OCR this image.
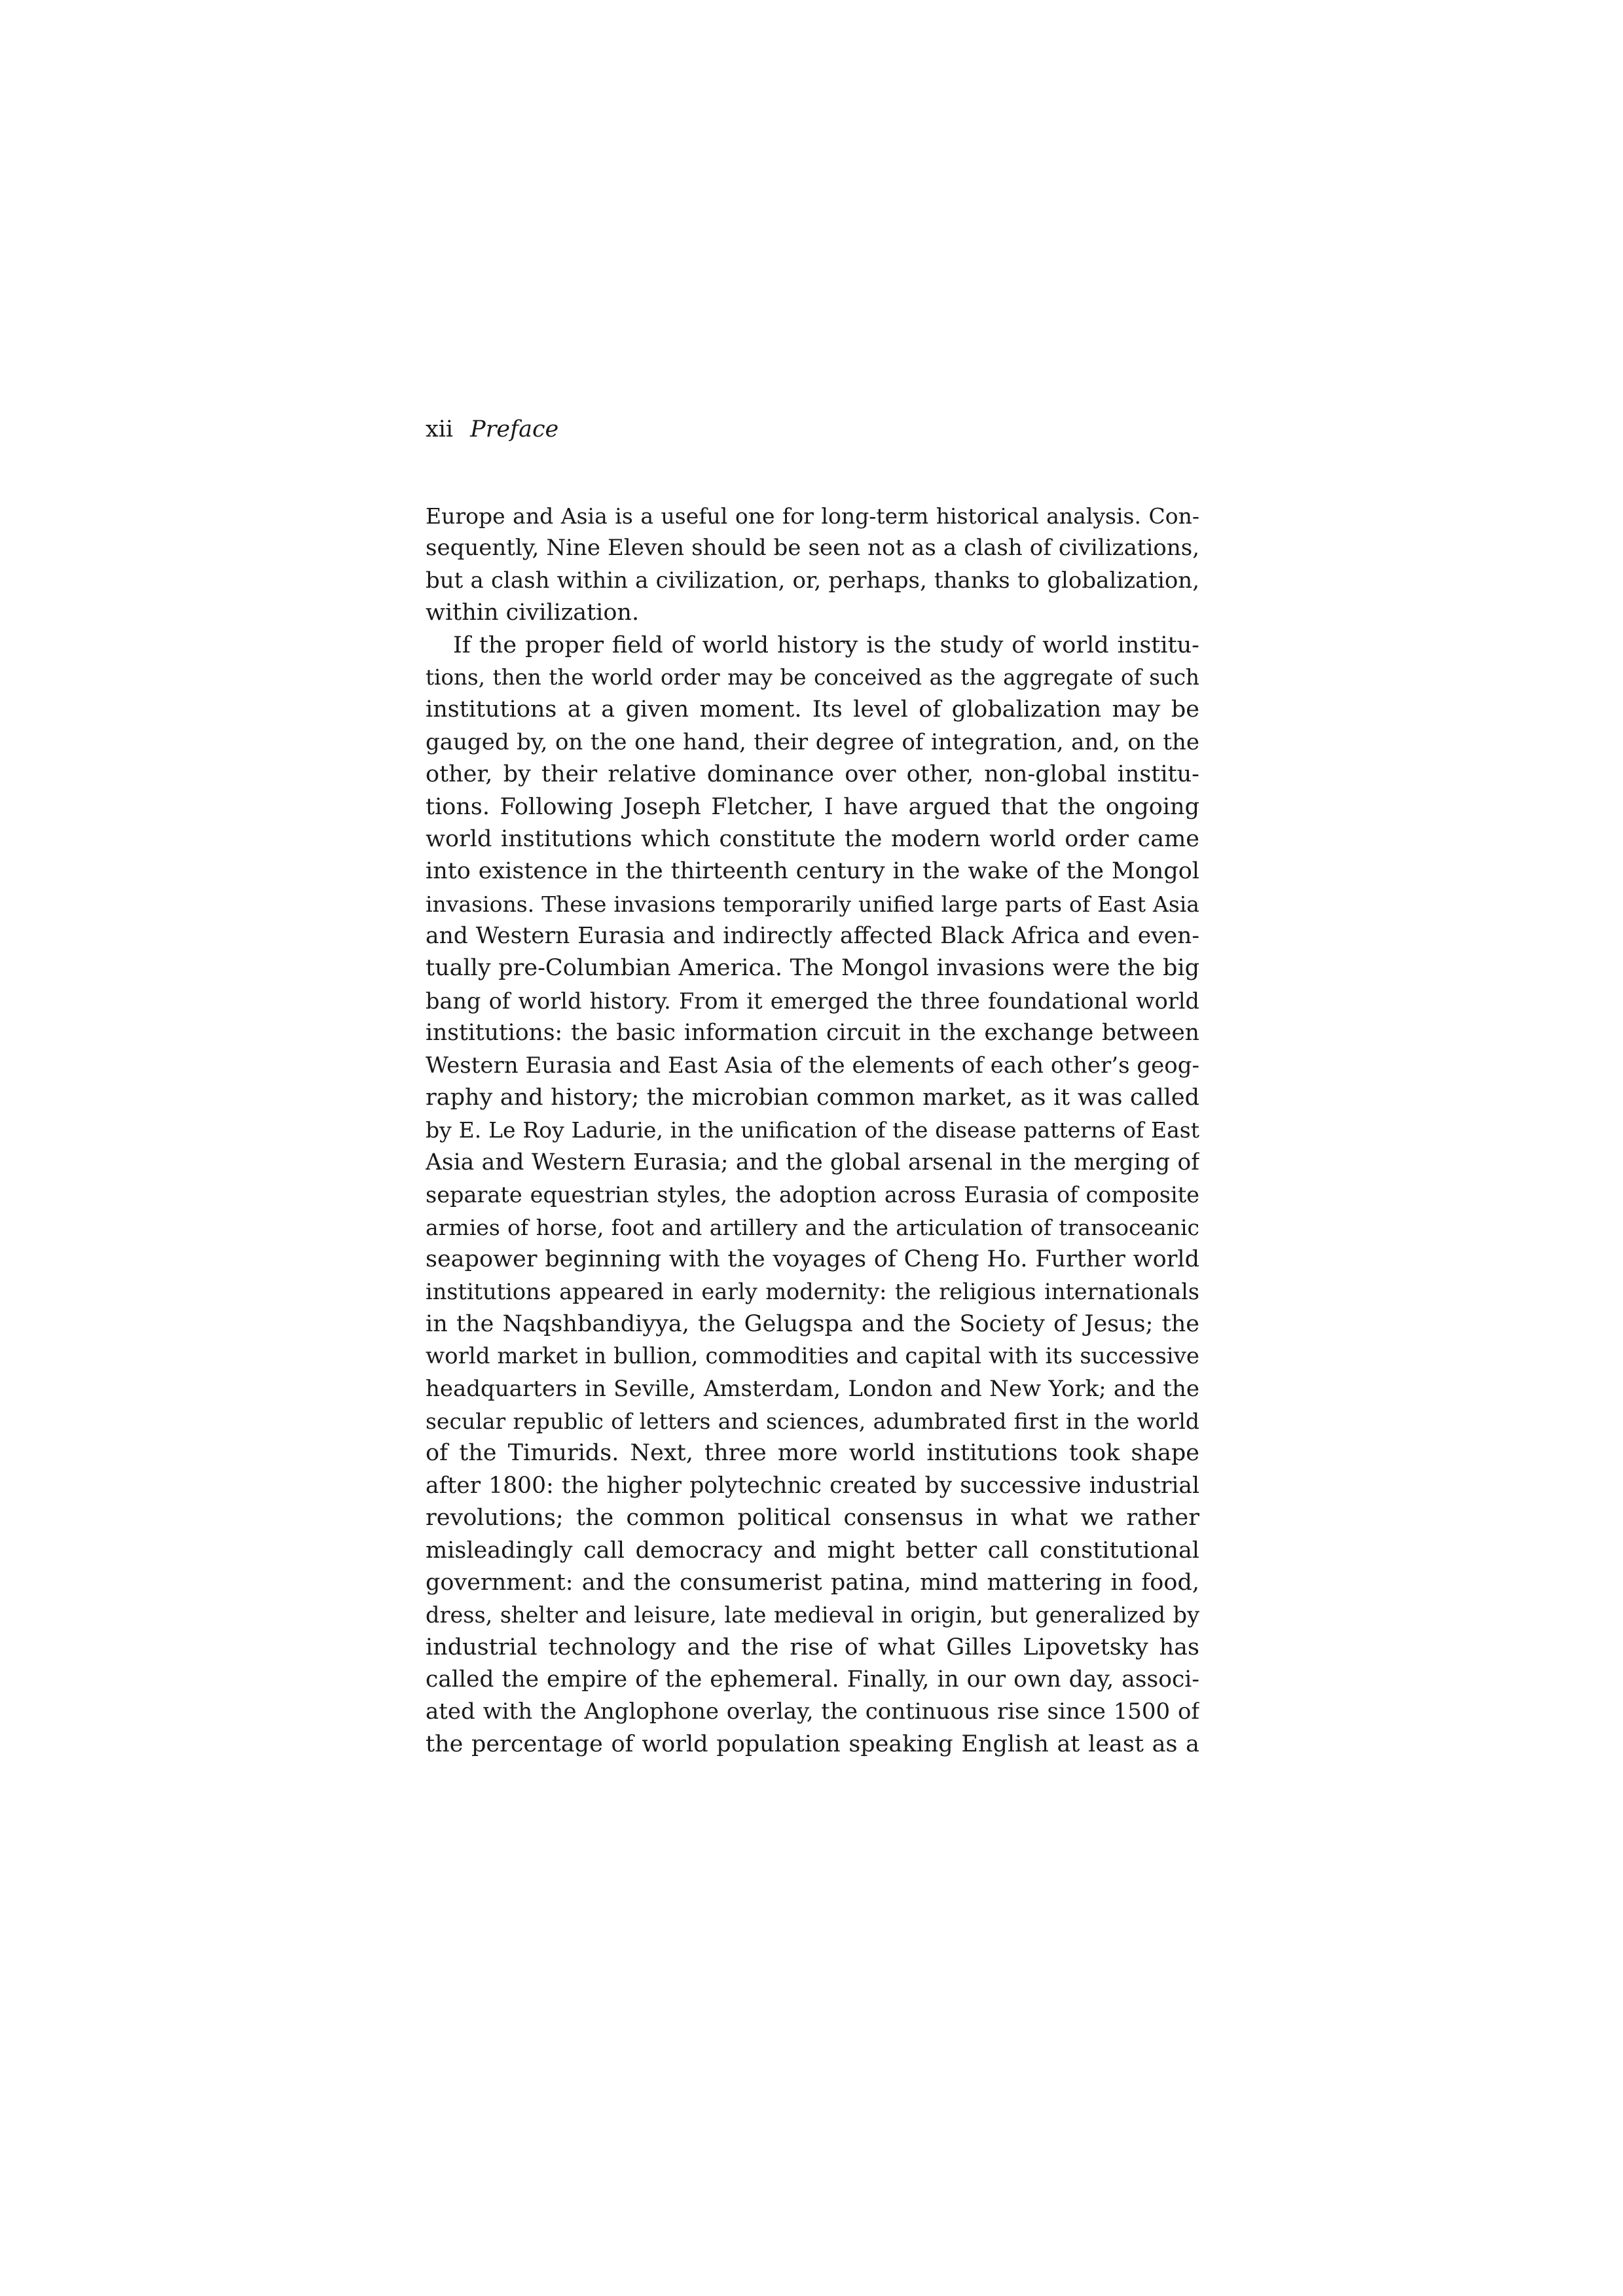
xii Preface
Europe and Asia is a useful one for long-term historical analysis. Con-
sequently, Nine Eleven should be seen not as a clash of civilizations,
but a clash within a civilization, or, perhaps, thanks to globalization,
within civilization.
If the proper field of world history is the study of world institu-
tions, then the world order may be conceived as the aggregate of such
institutions at a given moment. Its level of globalization may be
gauged by, on the one hand, their degree of integration, and, on the
other, by their relative dominance over other, non-global institu-
tions. Following Joseph Fletcher, I have argued that the ongoing
world institutions which constitute the modern world order came
into existence in the thirteenth century in the wake of the Mongol
invasions. These invasions temporarily unified large parts of East Asia
and Western Eurasia and indirectly affected Black Africa and even-
tually pre-Columbian America. The Mongol invasions were the big
bang of world history. From it emerged the three foundational world
institutions: the basic information circuit in the exchange between
Western Eurasia and East Asia of the elements of each other’s geog-
raphy and history; the microbian common market, as it was called
by E. Le Roy Ladurie, in the unification of the disease patterns of East
Asia and Western Eurasia; and the global arsenal in the merging of
separate equestrian styles, the adoption across Eurasia of composite
armies of horse, foot and artillery and the articulation of transoceanic
seapower beginning with the voyages of Cheng Ho. Further world
institutions appeared in early modernity: the religious internationals
in the Naqshbandiyya, the Gelugspa and the Society of Jesus; the
world market in bullion, commodities and capital with its successive
headquarters in Seville, Amsterdam, London and New York; and the
secular republic of letters and sciences, adumbrated first in the world
of the Timurids. Next, three more world institutions took shape
after 1800: the higher polytechnic created by successive industrial
revolutions; the common political consensus in what we rather
misleadingly call democracy and might better call constitutional
government: and the consumerist patina, mind mattering in food,
dress, shelter and leisure, late medieval in origin, but generalized by
industrial technology and the rise of what Gilles Lipovetsky has
called the empire of the ephemeral. Finally, in our own day, associ-
ated with the Anglophone overlay, the continuous rise since 1500 of
the percentage of world population speaking English at least as a
